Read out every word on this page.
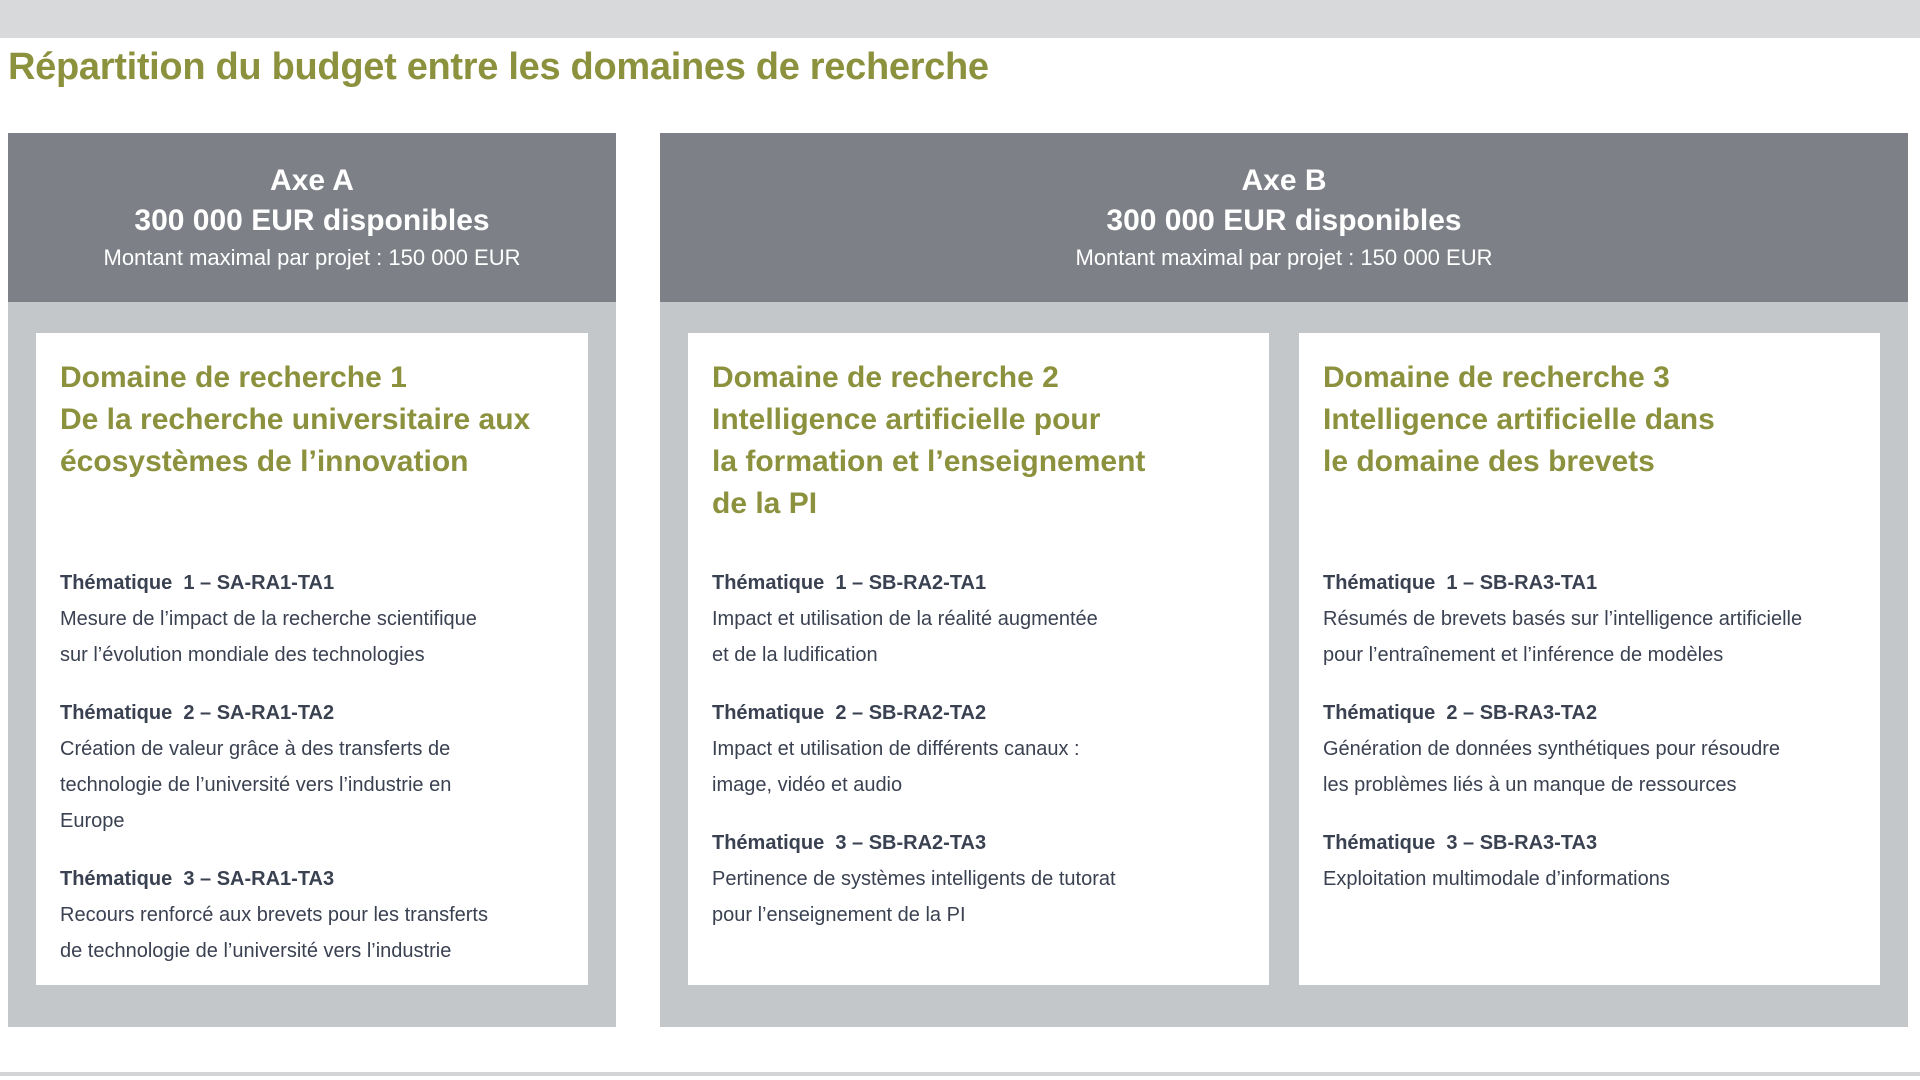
Répartition du budget entre les domaines de recherche
Axe A
300 000 EUR disponibles
Montant maximal par projet : 150 000 EUR
Domaine de recherche 1
De la recherche universitaire aux
écosystèmes de l’innovation
Thématique  1 – SA-RA1-TA1
Mesure de l’impact de la recherche scientifique
sur l’évolution mondiale des technologies
Thématique  2 – SA-RA1-TA2
Création de valeur grâce à des transferts de
technologie de l’université vers l’industrie en
Europe
Thématique  3 – SA-RA1-TA3
Recours renforcé aux brevets pour les transferts
de technologie de l’université vers l’industrie
Axe B
300 000 EUR disponibles
Montant maximal par projet : 150 000 EUR
Domaine de recherche 2
Intelligence artificielle pour
la formation et l’enseignement
de la PI
Thématique  1 – SB-RA2-TA1
Impact et utilisation de la réalité augmentée
et de la ludification
Thématique  2 – SB-RA2-TA2
Impact et utilisation de différents canaux :
image, vidéo et audio
Thématique  3 – SB-RA2-TA3
Pertinence de systèmes intelligents de tutorat
pour l’enseignement de la PI
Domaine de recherche 3
Intelligence artificielle dans
le domaine des brevets
Thématique  1 – SB-RA3-TA1
Résumés de brevets basés sur l’intelligence artificielle
pour l’entraînement et l’inférence de modèles
Thématique  2 – SB-RA3-TA2
Génération de données synthétiques pour résoudre
les problèmes liés à un manque de ressources
Thématique  3 – SB-RA3-TA3
Exploitation multimodale d’informations
